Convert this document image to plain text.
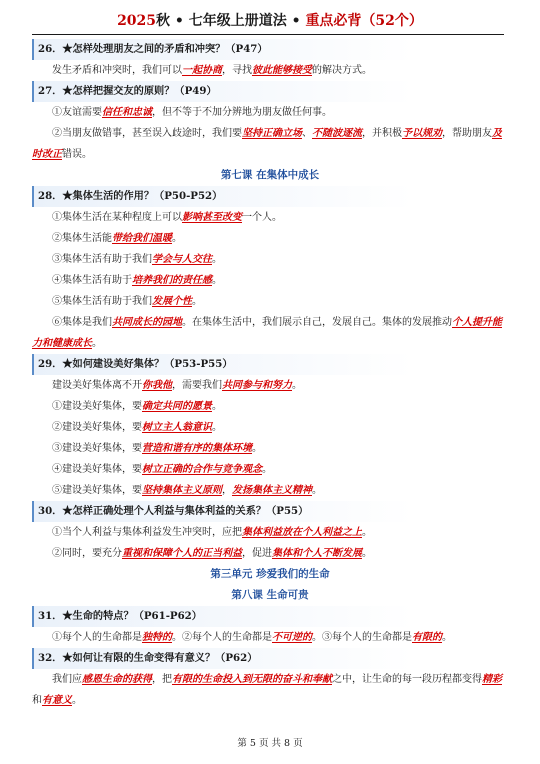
2025秋 • 七年级上册道法 • 重点必背（52个）

26．★怎样处理朋友之间的矛盾和冲突？（P47）

发生矛盾和冲突时，我们可以一起协商，寻找彼此能够接受的解决方式。

27．★怎样把握交友的原则？（P49）

①友谊需要信任和忠诚，但不等于不加分辨地为朋友做任何事。

②当朋友做错事，甚至误入歧途时，我们要坚持正确立场、不随波逐流，并积极予以规劝，帮助朋友及时改正错误。

第七课 在集体中成长

28．★集体生活的作用？（P50-P52）

①集体生活在某种程度上可以影响甚至改变一个人。

②集体生活能带给我们温暖。

③集体生活有助于我们学会与人交往。

④集体生活有助于培养我们的责任感。

⑤集体生活有助于我们发展个性。

⑥集体是我们共同成长的园地。在集体生活中，我们展示自己，发展自己。集体的发展推动个人提升能力和健康成长。

29．★如何建设美好集体？（P53-P55）

建设美好集体离不开你我他，需要我们共同参与和努力。

①建设美好集体，要确定共同的愿景。

②建设美好集体，要树立主人翁意识。

③建设美好集体，要营造和谐有序的集体环境。

④建设美好集体，要树立正确的合作与竞争观念。

⑤建设美好集体，要坚持集体主义原则，发扬集体主义精神。

30．★怎样正确处理个人利益与集体利益的关系？（P55）

①当个人利益与集体利益发生冲突时，应把集体利益放在个人利益之上。

②同时，要充分重视和保障个人的正当利益，促进集体和个人不断发展。

第三单元 珍爱我们的生命

第八课 生命可贵

31．★生命的特点？（P61-P62）

①每个人的生命都是独特的。②每个人的生命都是不可逆的。③每个人的生命都是有限的。

32．★如何让有限的生命变得有意义？（P62）

我们应感恩生命的获得，把有限的生命投入到无限的奋斗和奉献之中，让生命的每一段历程都变得精彩和有意义。

第 5 页 共 8 页
